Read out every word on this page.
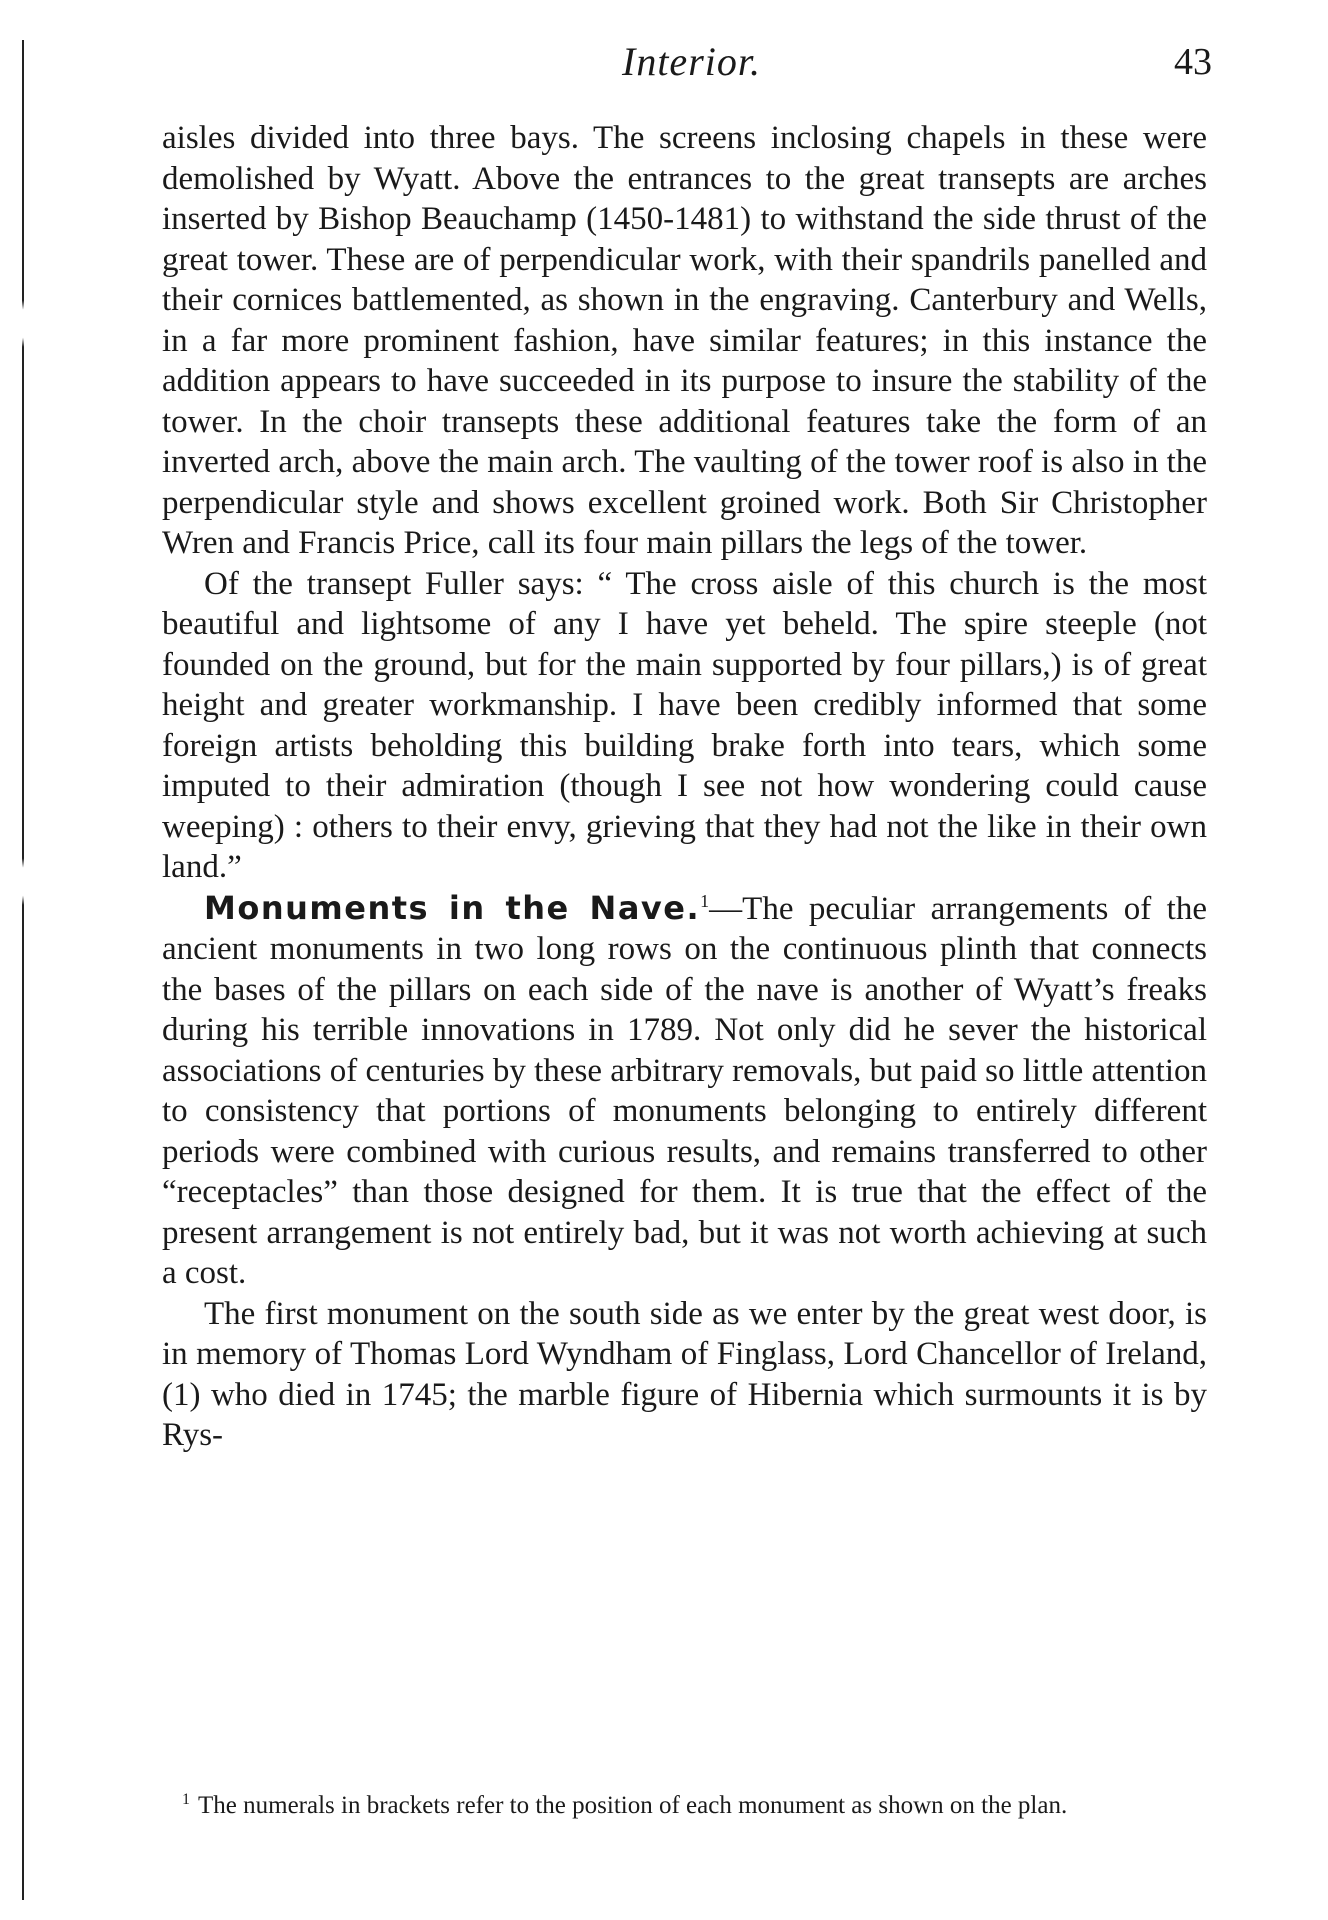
Interior.	43

aisles divided into three bays. The screens inclosing chapels in these were demolished by Wyatt. Above the entrances to the great transepts are arches inserted by Bishop Beauchamp (1450-1481) to withstand the side thrust of the great tower. These are of perpendicular work, with their spandrils panelled and their cornices battlemented, as shown in the engraving. Canterbury and Wells, in a far more prominent fashion, have similar features; in this instance the addition appears to have succeeded in its purpose to insure the stability of the tower. In the choir transepts these additional features take the form of an inverted arch, above the main arch. The vaulting of the tower roof is also in the perpendicular style and shows excellent groined work. Both Sir Christopher Wren and Francis Price, call its four main pillars the legs of the tower.

Of the transept Fuller says: “ The cross aisle of this church is the most beautiful and lightsome of any I have yet beheld. The spire steeple (not founded on the ground, but for the main supported by four pillars,) is of great height and greater workmanship. I have been credibly informed that some foreign artists beholding this building brake forth into tears, which some imputed to their admiration (though I see not how wondering could cause weeping) : others to their envy, grieving that they had not the like in their own land.”

Monuments in the Nave.$^1$—The peculiar arrangements of the ancient monuments in two long rows on the continuous plinth that connects the bases of the pillars on each side of the nave is another of Wyatt’s freaks during his terrible innovations in 1789. Not only did he sever the historical associations of centuries by these arbitrary removals, but paid so little attention to consistency that portions of monuments belonging to entirely different periods were combined with curious results, and remains transferred to other “receptacles” than those designed for them. It is true that the effect of the present arrangement is not entirely bad, but it was not worth achieving at such a cost.

The first monument on the south side as we enter by the great west door, is in memory of Thomas Lord Wyndham of Finglass, Lord Chancellor of Ireland, (1) who died in 1745; the marble figure of Hibernia which surmounts it is by Rys-

$^1$ The numerals in brackets refer to the position of each monument as shown on the plan.
